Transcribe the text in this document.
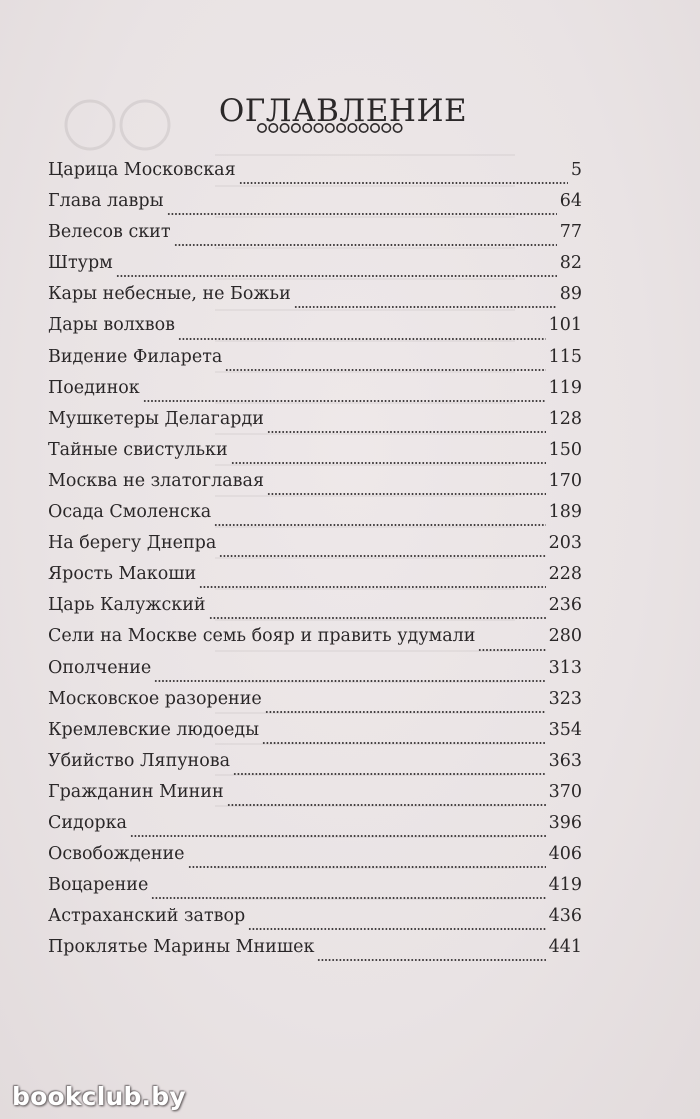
ОГЛАВЛЕНИЕ
Царица Московская	5
Глава лавры	64
Велесов скит	77
Штурм	82
Кары небесные, не Божьи	89
Дары волхвов	101
Видение Филарета	115
Поединок	119
Мушкетеры Делагарди	128
Тайные свистульки	150
Москва не златоглавая	170
Осада Смоленска	189
На берегу Днепра	203
Ярость Макоши	228
Царь Калужский	236
Сели на Москве семь бояр и править удумали	280
Ополчение	313
Московское разорение	323
Кремлевские людоеды	354
Убийство Ляпунова	363
Гражданин Минин	370
Сидорка	396
Освобождение	406
Воцарение	419
Астраханский затвор	436
Проклятье Марины Мнишек	441
bookclub.by
